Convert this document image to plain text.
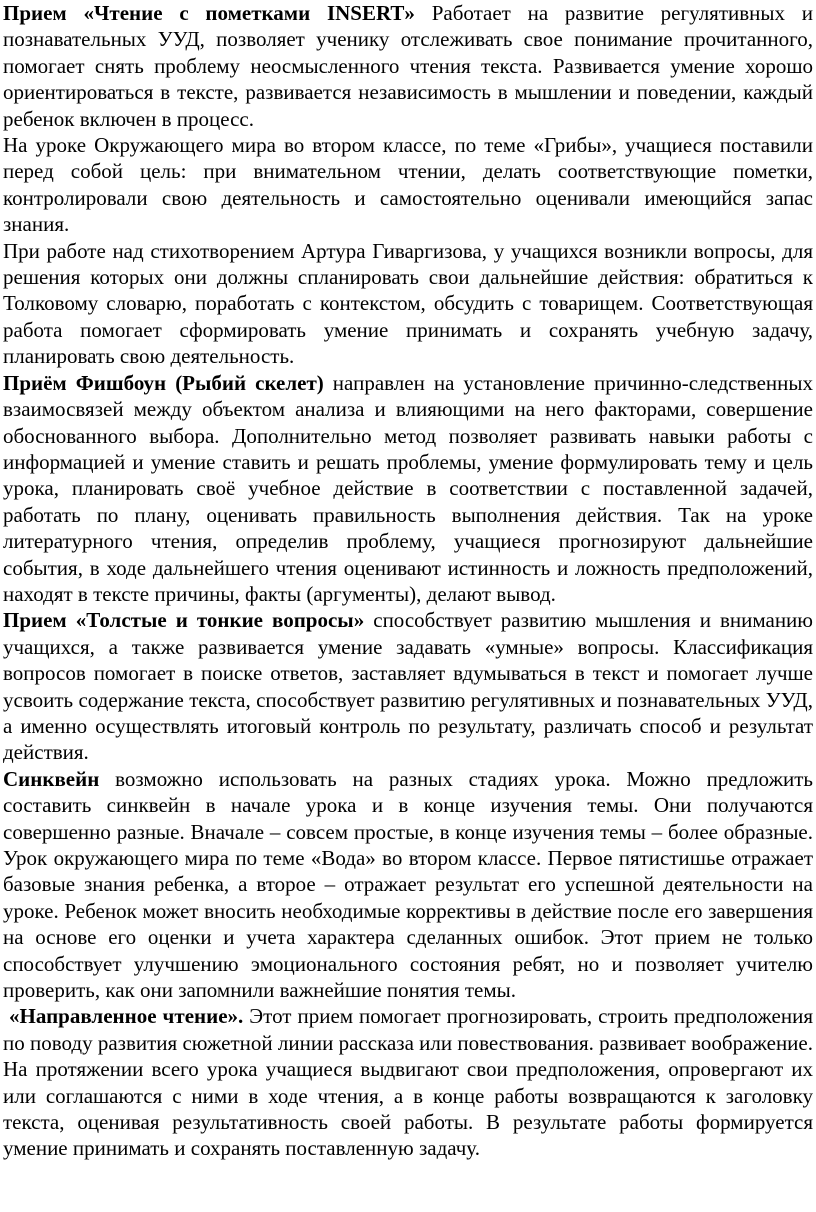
Прием «Чтение с пометками INSERT» Работает на развитие регулятивных и познавательных УУД, позволяет ученику отслеживать свое понимание прочитанного, помогает снять проблему неосмысленного чтения текста. Развивается умение хорошо ориентироваться в тексте, развивается независимость в мышлении и поведении, каждый ребенок включен в процесс.

На уроке Окружающего мира во втором классе, по теме «Грибы», учащиеся поставили перед собой цель: при внимательном чтении, делать соответствующие пометки, контролировали свою деятельность и самостоятельно оценивали имеющийся запас знания.

При работе над стихотворением Артура Гиваргизова, у учащихся возникли вопросы, для решения которых они должны спланировать свои дальнейшие действия: обратиться к Толковому словарю, поработать с контекстом, обсудить с товарищем. Соответствующая работа помогает сформировать умение принимать и сохранять учебную задачу, планировать свою деятельность.

Приём Фишбоун (Рыбий скелет) направлен на установление причинно-следственных взаимосвязей между объектом анализа и влияющими на него факторами, совершение обоснованного выбора. Дополнительно метод позволяет развивать навыки работы с информацией и умение ставить и решать проблемы, умение формулировать тему и цель урока, планировать своё учебное действие в соответствии с поставленной задачей, работать по плану, оценивать правильность выполнения действия. Так на уроке литературного чтения, определив проблему, учащиеся прогнозируют дальнейшие события, в ходе дальнейшего чтения оценивают истинность и ложность предположений, находят в тексте причины, факты (аргументы), делают вывод.

Прием «Толстые и тонкие вопросы» способствует развитию мышления и вниманию учащихся, а также развивается умение задавать «умные» вопросы. Классификация вопросов помогает в поиске ответов, заставляет вдумываться в текст и помогает лучше усвоить содержание текста, способствует развитию регулятивных и познавательных УУД, а именно осуществлять итоговый контроль по результату, различать способ и результат действия.

Синквейн возможно использовать на разных стадиях урока. Можно предложить составить синквейн в начале урока и в конце изучения темы. Они получаются совершенно разные. Вначале – совсем простые, в конце изучения темы – более образные. Урок окружающего мира по теме «Вода» во втором классе. Первое пятистишье отражает базовые знания ребенка, а второе – отражает результат его успешной деятельности на уроке. Ребенок может вносить необходимые коррективы в действие после его завершения на основе его оценки и учета характера сделанных ошибок. Этот прием не только способствует улучшению эмоционального состояния ребят, но и позволяет учителю проверить, как они запомнили важнейшие понятия темы.

«Направленное чтение». Этот прием помогает прогнозировать, строить предположения по поводу развития сюжетной линии рассказа или повествования. развивает воображение. На протяжении всего урока учащиеся выдвигают свои предположения, опровергают их или соглашаются с ними в ходе чтения, а в конце работы возвращаются к заголовку текста, оценивая результативность своей работы. В результате работы формируется умение принимать и сохранять поставленную задачу.
